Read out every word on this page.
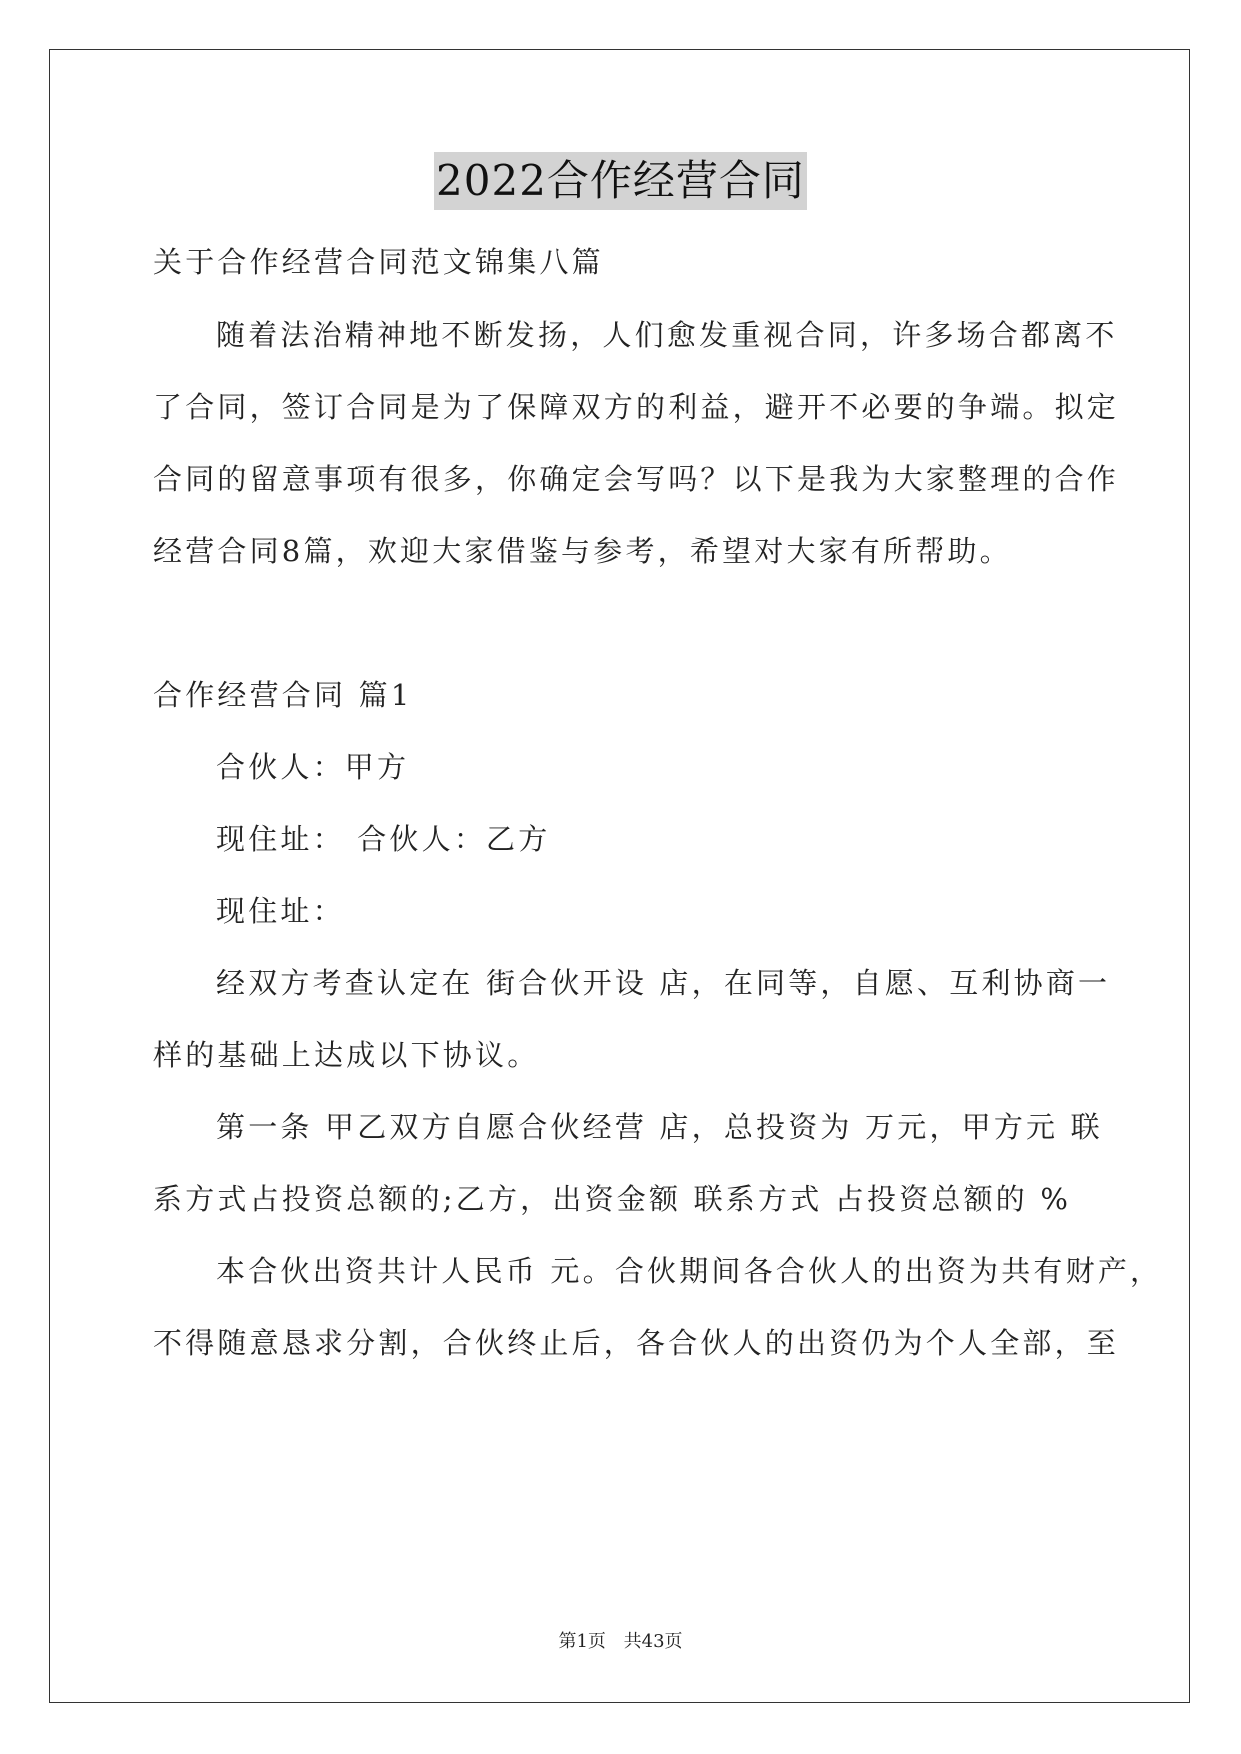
2022合作经营合同
关于合作经营合同范文锦集八篇
随着法治精神地不断发扬，人们愈发重视合同，许多场合都离不
了合同，签订合同是为了保障双方的利益，避开不必要的争端。拟定
合同的留意事项有很多，你确定会写吗？以下是我为大家整理的合作
经营合同8篇，欢迎大家借鉴与参考，希望对大家有所帮助。
合作经营合同 篇1
合伙人：甲方
现住址： 合伙人：乙方
现住址：
经双方考查认定在 街合伙开设 店，在同等，自愿、互利协商一
样的基础上达成以下协议。
第一条 甲乙双方自愿合伙经营 店，总投资为 万元，甲方元 联
系方式占投资总额的;乙方，出资金额 联系方式 占投资总额的 %
本合伙出资共计人民币 元。合伙期间各合伙人的出资为共有财产，
不得随意恳求分割，合伙终止后，各合伙人的出资仍为个人全部，至
第1页 共43页
